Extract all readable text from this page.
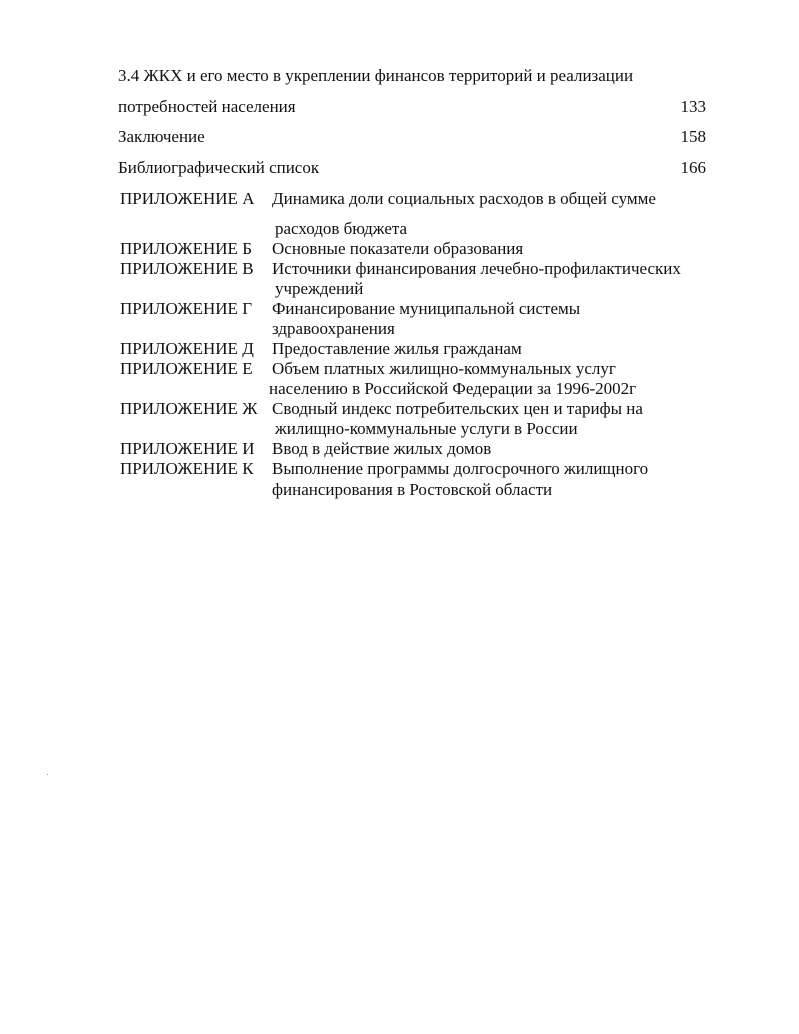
3.4 ЖКХ и его место в укреплении финансов территорий и реализации
потребностей населения	133
Заключение	158
Библиографический список	166
ПРИЛОЖЕНИЕ А Динамика доли социальных расходов в общей сумме
расходов бюджета
ПРИЛОЖЕНИЕ Б Основные показатели образования
ПРИЛОЖЕНИЕ В Источники финансирования лечебно-профилактических
учреждений
ПРИЛОЖЕНИЕ Г Финансирование муниципальной системы
здравоохранения
ПРИЛОЖЕНИЕ Д Предоставление жилья гражданам
ПРИЛОЖЕНИЕ Е Объем платных жилищно-коммунальных услуг
населению в Российской Федерации за 1996-2002г
ПРИЛОЖЕНИЕ Ж Сводный индекс потребительских цен и тарифы на
жилищно-коммунальные услуги в России
ПРИЛОЖЕНИЕ И Ввод в действие жилых домов
ПРИЛОЖЕНИЕ К Выполнение программы долгосрочного жилищного
финансирования в Ростовской области
